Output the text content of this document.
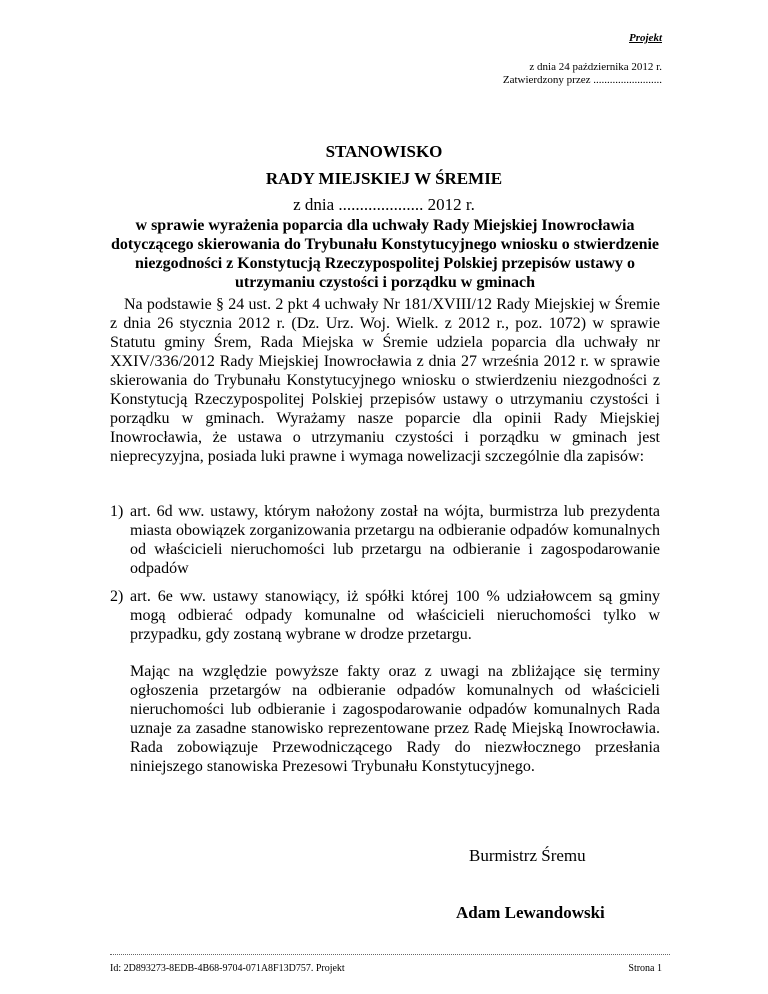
Projekt
z dnia 24 października 2012 r.
Zatwierdzony przez .........................
STANOWISKO
RADY MIEJSKIEJ W ŚREMIE
z dnia .................... 2012 r.
w sprawie wyrażenia poparcia dla uchwały Rady Miejskiej Inowrocławia dotyczącego skierowania do Trybunału Konstytucyjnego wniosku o stwierdzenie niezgodności z Konstytucją Rzeczypospolitej Polskiej przepisów ustawy o utrzymaniu czystości i porządku w gminach
Na podstawie § 24 ust. 2 pkt 4 uchwały Nr 181/XVIII/12 Rady Miejskiej w Śremie z dnia 26 stycznia 2012 r. (Dz. Urz. Woj. Wielk. z 2012 r., poz. 1072) w sprawie Statutu gminy Śrem, Rada Miejska w Śremie udziela poparcia dla uchwały nr XXIV/336/2012 Rady Miejskiej Inowrocławia z dnia 27 września 2012 r. w sprawie skierowania do Trybunału Konstytucyjnego wniosku o stwierdzeniu niezgodności z Konstytucją Rzeczypospolitej Polskiej przepisów ustawy o utrzymaniu czystości i porządku w gminach. Wyrażamy nasze poparcie dla opinii Rady Miejskiej Inowrocławia, że ustawa o utrzymaniu czystości i porządku w gminach jest nieprecyzyjna, posiada luki prawne i wymaga nowelizacji szczególnie dla zapisów:
1) art. 6d ww. ustawy, którym nałożony został na wójta, burmistrza lub prezydenta miasta obowiązek zorganizowania przetargu na odbieranie odpadów komunalnych od właścicieli nieruchomości lub przetargu na odbieranie i zagospodarowanie odpadów
2) art. 6e ww. ustawy stanowiący, iż spółki której 100 % udziałowcem są gminy mogą odbierać odpady komunalne od właścicieli nieruchomości tylko w przypadku, gdy zostaną wybrane w drodze przetargu.
Mając na względzie powyższe fakty oraz z uwagi na zbliżające się terminy ogłoszenia przetargów na odbieranie odpadów komunalnych od właścicieli nieruchomości lub odbieranie i zagospodarowanie odpadów komunalnych Rada uznaje za zasadne stanowisko reprezentowane przez Radę Miejską Inowrocławia. Rada zobowiązuje Przewodniczącego Rady do niezwłocznego przesłania niniejszego stanowiska Prezesowi Trybunału Konstytucyjnego.
Burmistrz Śremu
Adam Lewandowski
Id: 2D893273-8EDB-4B68-9704-071A8F13D757. Projekt	Strona 1
